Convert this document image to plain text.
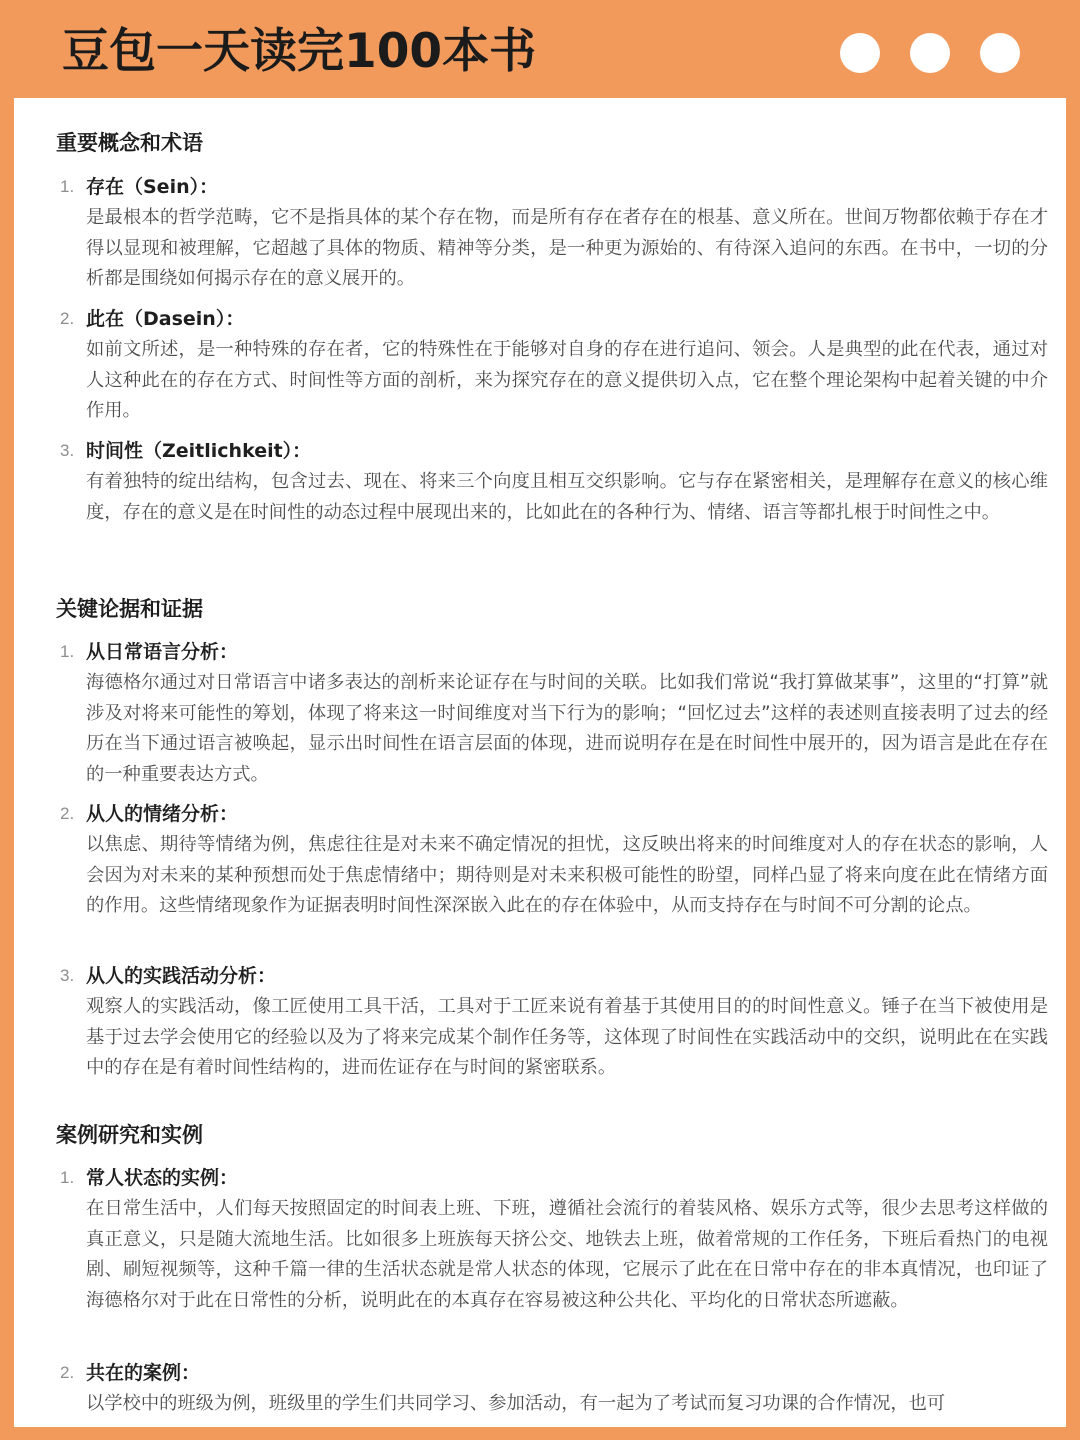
豆包一天读完100本书
重要概念和术语
1. 存在（Sein）：

是最根本的哲学范畴，它不是指具体的某个存在物，而是所有存在者存在的根基、意义所在。世间万物都依赖于存在才得以显现和被理解，它超越了具体的物质、精神等分类，是一种更为源始的、有待深入追问的东西。在书中，一切的分析都是围绕如何揭示存在的意义展开的。

2. 此在（Dasein）：

如前文所述，是一种特殊的存在者，它的特殊性在于能够对自身的存在进行追问、领会。人是典型的此在代表，通过对人这种此在的存在方式、时间性等方面的剖析，来为探究存在的意义提供切入点，它在整个理论架构中起着关键的中介作用。

3. 时间性（Zeitlichkeit）：

有着独特的绽出结构，包含过去、现在、将来三个向度且相互交织影响。它与存在紧密相关，是理解存在意义的核心维度，存在的意义是在时间性的动态过程中展现出来的，比如此在的各种行为、情绪、语言等都扎根于时间性之中。

关键论据和证据
1. 从日常语言分析：

海德格尔通过对日常语言中诸多表达的剖析来论证存在与时间的关联。比如我们常说“我打算做某事”，这里的“打算”就涉及对将来可能性的筹划，体现了将来这一时间维度对当下行为的影响；“回忆过去”这样的表述则直接表明了过去的经历在当下通过语言被唤起，显示出时间性在语言层面的体现，进而说明存在是在时间性中展开的，因为语言是此在存在的一种重要表达方式。

2. 从人的情绪分析：

以焦虑、期待等情绪为例，焦虑往往是对未来不确定情况的担忧，这反映出将来的时间维度对人的存在状态的影响，人会因为对未来的某种预想而处于焦虑情绪中；期待则是对未来积极可能性的盼望，同样凸显了将来向度在此在情绪方面的作用。这些情绪现象作为证据表明时间性深深嵌入此在的存在体验中，从而支持存在与时间不可分割的论点。

3. 从人的实践活动分析：

观察人的实践活动，像工匠使用工具干活，工具对于工匠来说有着基于其使用目的的时间性意义。锤子在当下被使用是基于过去学会使用它的经验以及为了将来完成某个制作任务等，这体现了时间性在实践活动中的交织，说明此在在实践中的存在是有着时间性结构的，进而佐证存在与时间的紧密联系。

案例研究和实例
1. 常人状态的实例：

在日常生活中，人们每天按照固定的时间表上班、下班，遵循社会流行的着装风格、娱乐方式等，很少去思考这样做的真正意义，只是随大流地生活。比如很多上班族每天挤公交、地铁去上班，做着常规的工作任务，下班后看热门的电视剧、刷短视频等，这种千篇一律的生活状态就是常人状态的体现，它展示了此在在日常中存在的非本真情况，也印证了海德格尔对于此在日常性的分析，说明此在的本真存在容易被这种公共化、平均化的日常状态所遮蔽。

2. 共在的案例：

以学校中的班级为例，班级里的学生们共同学习、参加活动，有一起为了考试而复习功课的合作情况，也可
